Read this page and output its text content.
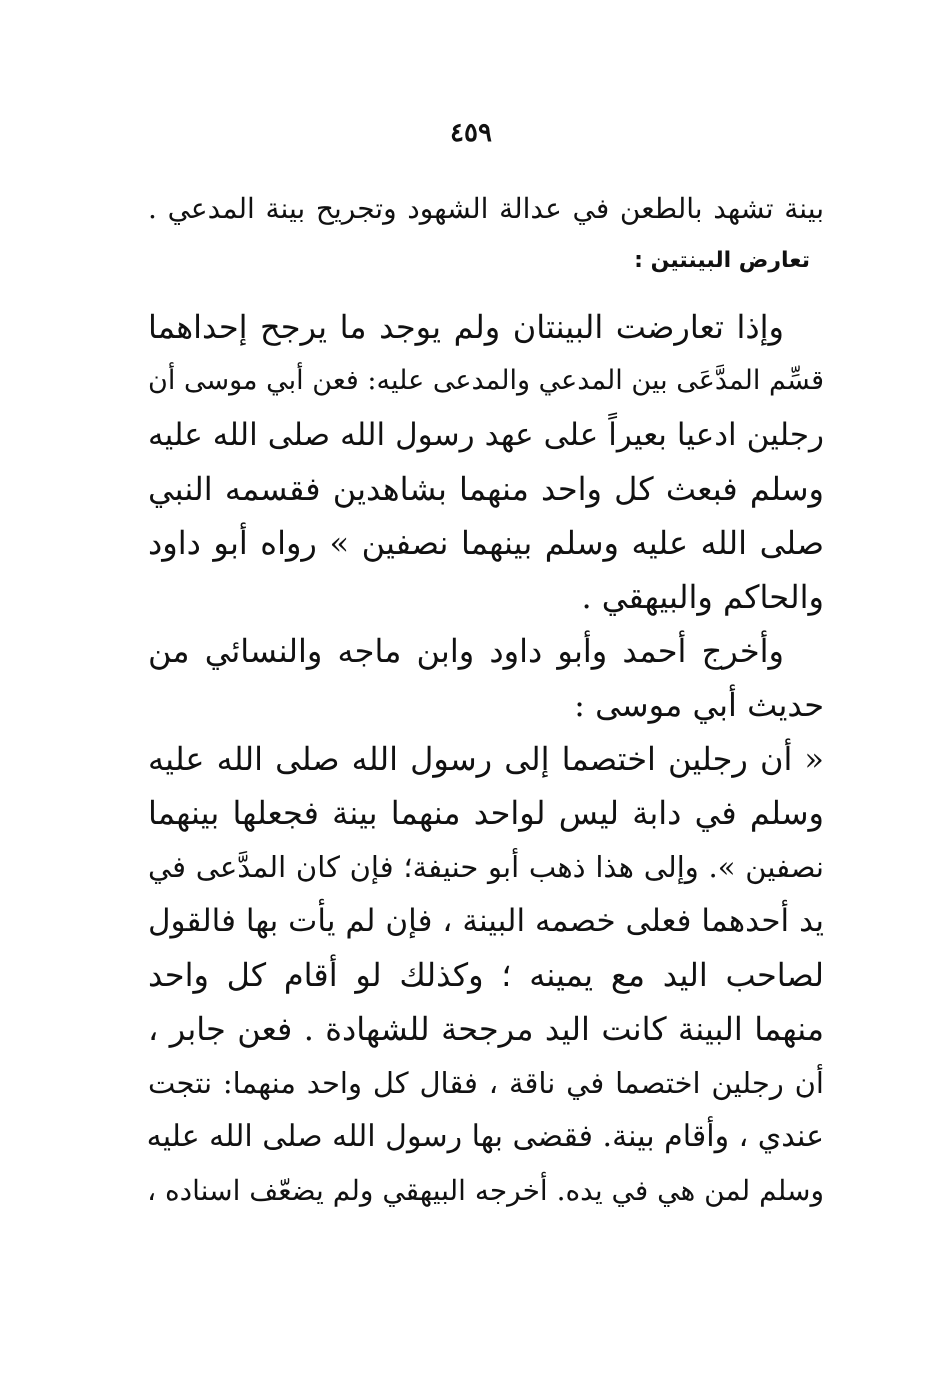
٤٥٩
بينة تشهد بالطعن في عدالة الشهود وتجريح بينة المدعي .
تعارض البينتين :
وإذا تعارضت البينتان ولم يوجد ما يرجح إحداهما
قسِّم المدَّعَى بين المدعي والمدعى عليه: فعن أبي موسى أن
رجلين ادعيا بعيراً على عهد رسول الله صلى الله عليه
وسلم فبعث كل واحد منهما بشاهدين فقسمه النبي
صلى الله عليه وسلم بينهما نصفين » رواه أبو داود
والحاكم والبيهقي .
وأخرج أحمد وأبو داود وابن ماجه والنسائي من
حديث أبي موسى :
« أن رجلين اختصما إلى رسول الله صلى الله عليه
وسلم في دابة ليس لواحد منهما بينة فجعلها بينهما
نصفين ». وإلى هذا ذهب أبو حنيفة؛ فإن كان المدَّعى في
يد أحدهما فعلى خصمه البينة ، فإن لم يأت بها فالقول
لصاحب اليد مع يمينه ؛ وكذلك لو أقام كل واحد
منهما البينة كانت اليد مرجحة للشهادة . فعن جابر ،
أن رجلين اختصما في ناقة ، فقال كل واحد منهما: نتجت
عندي ، وأقام بينة. فقضى بها رسول الله صلى الله عليه
وسلم لمن هي في يده. أخرجه البيهقي ولم يضعّف اسناده ،
